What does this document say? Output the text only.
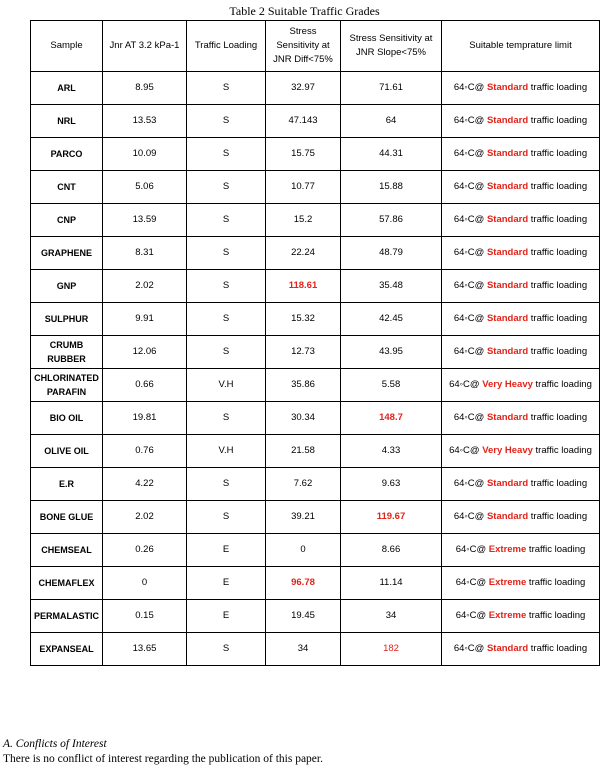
Table 2 Suitable Traffic Grades
Sample	Jnr AT 3.2 kPa-1	Traffic Loading	Stress Sensitivity at JNR Diff<75%	Stress Sensitivity at JNR Slope<75%	Suitable temprature limit
ARL	8.95	S	32.97	71.61	64◦C@ Standard traffic loading
NRL	13.53	S	47.143	64	64◦C@ Standard traffic loading
PARCO	10.09	S	15.75	44.31	64◦C@ Standard traffic loading
CNT	5.06	S	10.77	15.88	64◦C@ Standard traffic loading
CNP	13.59	S	15.2	57.86	64◦C@ Standard traffic loading
GRAPHENE	8.31	S	22.24	48.79	64◦C@ Standard traffic loading
GNP	2.02	S	118.61	35.48	64◦C@ Standard traffic loading
SULPHUR	9.91	S	15.32	42.45	64◦C@ Standard traffic loading
CRUMB RUBBER	12.06	S	12.73	43.95	64◦C@ Standard traffic loading
CHLORINATED PARAFIN	0.66	V.H	35.86	5.58	64◦C@ Very Heavy traffic loading
BIO OIL	19.81	S	30.34	148.7	64◦C@ Standard traffic loading
OLIVE OIL	0.76	V.H	21.58	4.33	64◦C@ Very Heavy traffic loading
E.R	4.22	S	7.62	9.63	64◦C@ Standard traffic loading
BONE GLUE	2.02	S	39.21	119.67	64◦C@ Standard traffic loading
CHEMSEAL	0.26	E	0	8.66	64◦C@ Extreme traffic loading
CHEMAFLEX	0	E	96.78	11.14	64◦C@ Extreme traffic loading
PERMALASTIC	0.15	E	19.45	34	64◦C@ Extreme traffic loading
EXPANSEAL	13.65	S	34	182	64◦C@ Standard traffic loading
A. Conflicts of Interest
There is no conflict of interest regarding the publication of this paper.
